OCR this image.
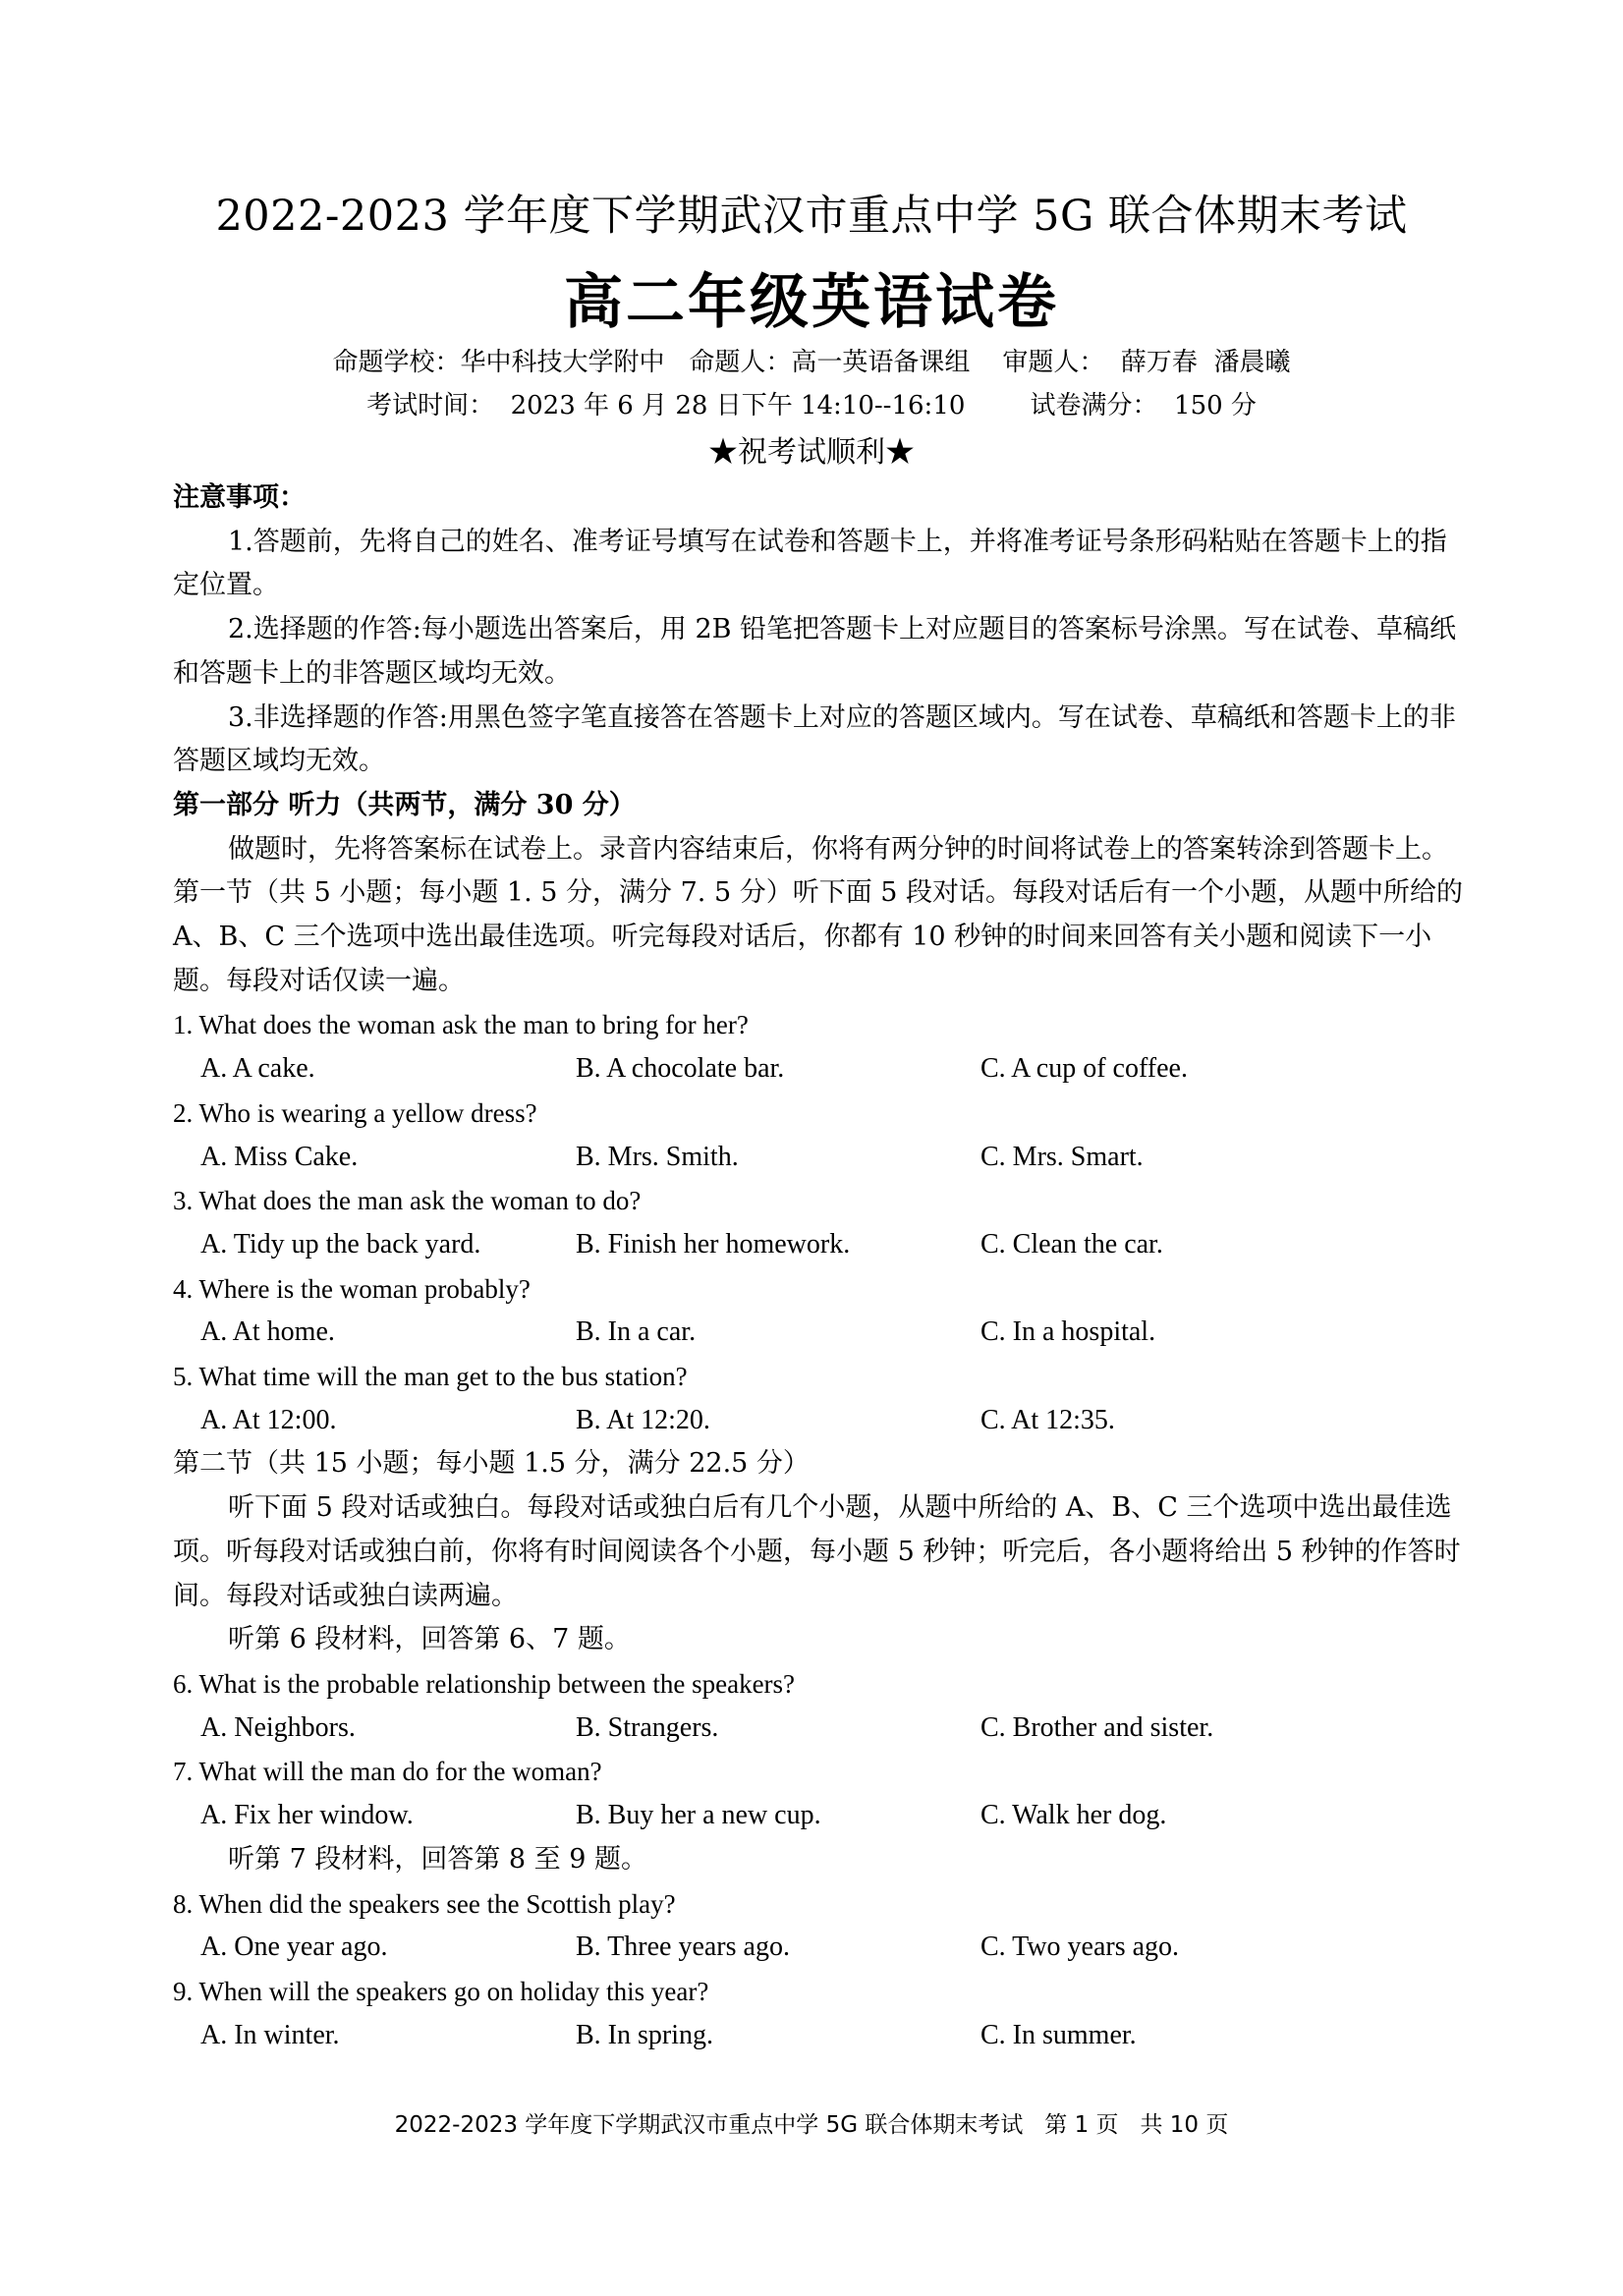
2022-2023 学年度下学期武汉市重点中学 5G 联合体期末考试
高二年级英语试卷
命题学校：华中科技大学附中   命题人：高一英语备课组    审题人：  薛万春  潘晨曦
考试时间：  2023 年 6 月 28 日下午 14:10--16:10        试卷满分：  150 分
★祝考试顺利★

注意事项：

1.答题前，先将自己的姓名、准考证号填写在试卷和答题卡上，并将准考证号条形码粘贴在答题卡上的指定位置。

2.选择题的作答:每小题选出答案后，用 2B 铅笔把答题卡上对应题目的答案标号涂黑。写在试卷、草稿纸和答题卡上的非答题区域均无效。

3.非选择题的作答:用黑色签字笔直接答在答题卡上对应的答题区域内。写在试卷、草稿纸和答题卡上的非答题区域均无效。

第一部分 听力（共两节，满分 30 分）

做题时，先将答案标在试卷上。录音内容结束后，你将有两分钟的时间将试卷上的答案转涂到答题卡上。

第一节（共 5 小题；每小题 1. 5 分，满分 7. 5 分）听下面 5 段对话。每段对话后有一个小题，从题中所给的 A、B、C 三个选项中选出最佳选项。听完每段对话后，你都有 10 秒钟的时间来回答有关小题和阅读下一小题。每段对话仅读一遍。

1. What does the woman ask the man to bring for her?

A. A cake.	B. A chocolate bar.	C. A cup of coffee.

2. Who is wearing a yellow dress?

A. Miss Cake.	B. Mrs. Smith.	C. Mrs. Smart.

3. What does the man ask the woman to do?

A. Tidy up the back yard.	B. Finish her homework.	C. Clean the car.

4. Where is the woman probably?

A. At home.	B. In a car.	C. In a hospital.

5. What time will the man get to the bus station?

A. At 12:00.	B. At 12:20.	C. At 12:35.

第二节（共 15 小题；每小题 1.5 分，满分 22.5 分）

听下面 5 段对话或独白。每段对话或独白后有几个小题，从题中所给的 A、B、C 三个选项中选出最佳选项。听每段对话或独白前，你将有时间阅读各个小题，每小题 5 秒钟；听完后，各小题将给出 5 秒钟的作答时间。每段对话或独白读两遍。

听第 6 段材料，回答第 6、7 题。

6. What is the probable relationship between the speakers?

A. Neighbors.	B. Strangers.	C. Brother and sister.

7. What will the man do for the woman?

A. Fix her window.	B. Buy her a new cup.	C. Walk her dog.

听第 7 段材料，回答第 8 至 9 题。

8. When did the speakers see the Scottish play?

A. One year ago.	B. Three years ago.	C. Two years ago.

9. When will the speakers go on holiday this year?

A. In winter.	B. In spring.	C. In summer.
2022-2023 学年度下学期武汉市重点中学 5G 联合体期末考试   第 1 页   共 10 页
